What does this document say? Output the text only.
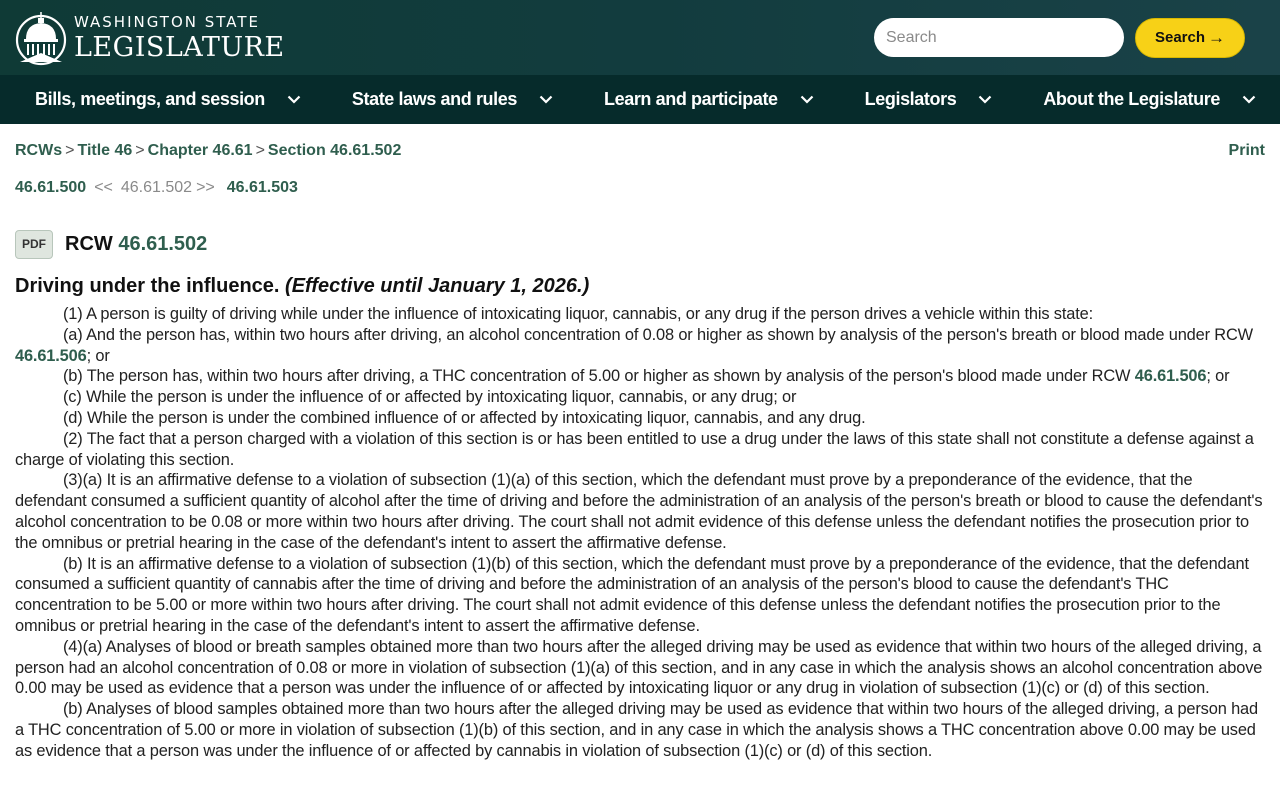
WASHINGTON STATE
LEGISLATURE
Search	Search →
Bills, meetings, and session	State laws and rules	Learn and participate	Legislators	About the Legislature
RCWs > Title 46 > Chapter 46.61 > Section 46.61.502	Print
46.61.500 << 46.61.502 >> 46.61.503
PDF RCW 46.61.502
Driving under the influence. (Effective until January 1, 2026.)

(1) A person is guilty of driving while under the influence of intoxicating liquor, cannabis, or any drug if the person drives a vehicle within this state:

(a) And the person has, within two hours after driving, an alcohol concentration of 0.08 or higher as shown by analysis of the person's breath or blood made under RCW 46.61.506; or

(b) The person has, within two hours after driving, a THC concentration of 5.00 or higher as shown by analysis of the person's blood made under RCW 46.61.506; or

(c) While the person is under the influence of or affected by intoxicating liquor, cannabis, or any drug; or

(d) While the person is under the combined influence of or affected by intoxicating liquor, cannabis, and any drug.

(2) The fact that a person charged with a violation of this section is or has been entitled to use a drug under the laws of this state shall not constitute a defense against a charge of violating this section.

(3)(a) It is an affirmative defense to a violation of subsection (1)(a) of this section, which the defendant must prove by a preponderance of the evidence, that the defendant consumed a sufficient quantity of alcohol after the time of driving and before the administration of an analysis of the person's breath or blood to cause the defendant's alcohol concentration to be 0.08 or more within two hours after driving. The court shall not admit evidence of this defense unless the defendant notifies the prosecution prior to the omnibus or pretrial hearing in the case of the defendant's intent to assert the affirmative defense.

(b) It is an affirmative defense to a violation of subsection (1)(b) of this section, which the defendant must prove by a preponderance of the evidence, that the defendant consumed a sufficient quantity of cannabis after the time of driving and before the administration of an analysis of the person's blood to cause the defendant's THC concentration to be 5.00 or more within two hours after driving. The court shall not admit evidence of this defense unless the defendant notifies the prosecution prior to the omnibus or pretrial hearing in the case of the defendant's intent to assert the affirmative defense.

(4)(a) Analyses of blood or breath samples obtained more than two hours after the alleged driving may be used as evidence that within two hours of the alleged driving, a person had an alcohol concentration of 0.08 or more in violation of subsection (1)(a) of this section, and in any case in which the analysis shows an alcohol concentration above 0.00 may be used as evidence that a person was under the influence of or affected by intoxicating liquor or any drug in violation of subsection (1)(c) or (d) of this section.

(b) Analyses of blood samples obtained more than two hours after the alleged driving may be used as evidence that within two hours of the alleged driving, a person had a THC concentration of 5.00 or more in violation of subsection (1)(b) of this section, and in any case in which the analysis shows a THC concentration above 0.00 may be used as evidence that a person was under the influence of or affected by cannabis in violation of subsection (1)(c) or (d) of this section.
